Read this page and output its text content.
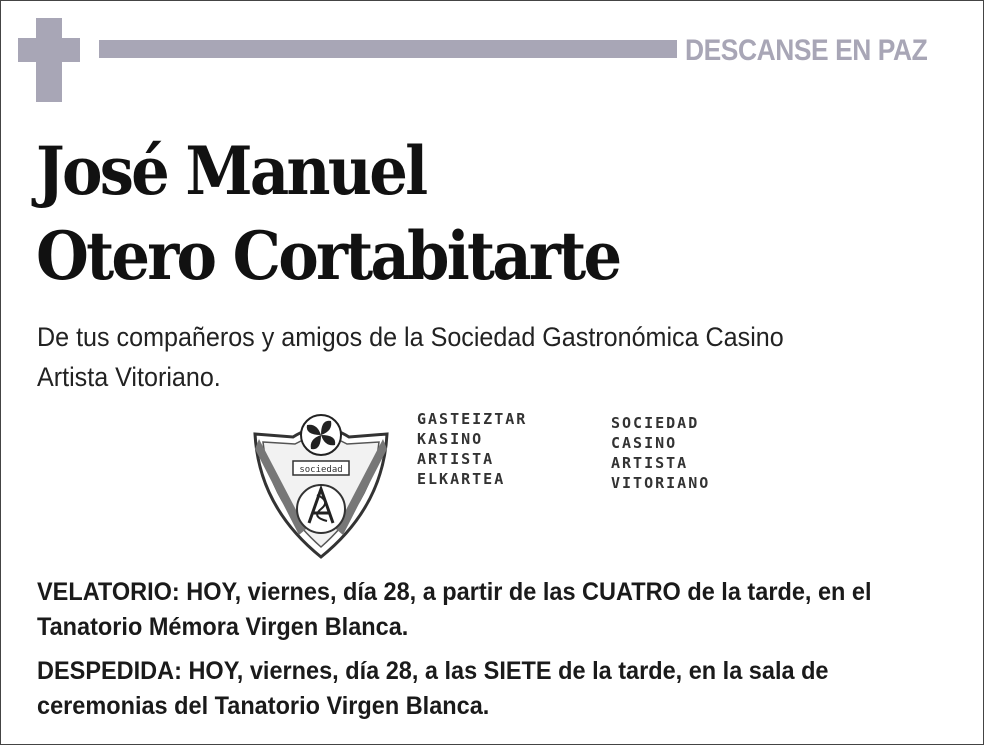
DESCANSE EN PAZ
José Manuel
Otero Cortabitarte
De tus compañeros y amigos de la Sociedad Gastronómica Casino Artista Vitoriano.
sociedad
GASTEIZTAR
KASINO
ARTISTA
ELKARTEA
SOCIEDAD
CASINO
ARTISTA
VITORIANO
VELATORIO: HOY, viernes, día 28, a partir de las CUATRO de la tarde, en el Tanatorio Mémora Virgen Blanca.
DESPEDIDA: HOY, viernes, día 28, a las SIETE de la tarde, en la sala de ceremonias del Tanatorio Virgen Blanca.
